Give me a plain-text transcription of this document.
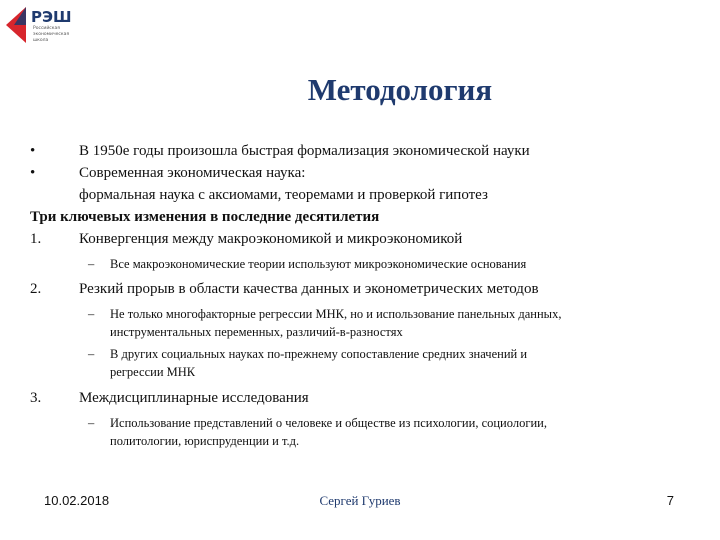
РЭШ
Российская
экономическая
школа
Методология
•	В 1950е годы произошла быстрая формализация экономической науки
•	Современная экономическая наука:
формальная наука с аксиомами, теоремами и проверкой гипотез
Три ключевых изменения в последние десятилетия
1.	Конвергенция между макроэкономикой и микроэкономикой
– Все макроэкономические теории используют микроэкономические основания
2.	Резкий прорыв в области качества данных и эконометрических методов
– Не только многофакторные регрессии МНК, но и использование панельных данных,
инструментальных переменных, различий-в-разностях
– В других социальных науках по-прежнему сопоставление средних значений и
регрессии МНК
3.	Междисциплинарные исследования
– Использование представлений о человеке и обществе из психологии, социологии,
политологии, юриспруденции и т.д.
10.02.2018	Сергей Гуриев	7
